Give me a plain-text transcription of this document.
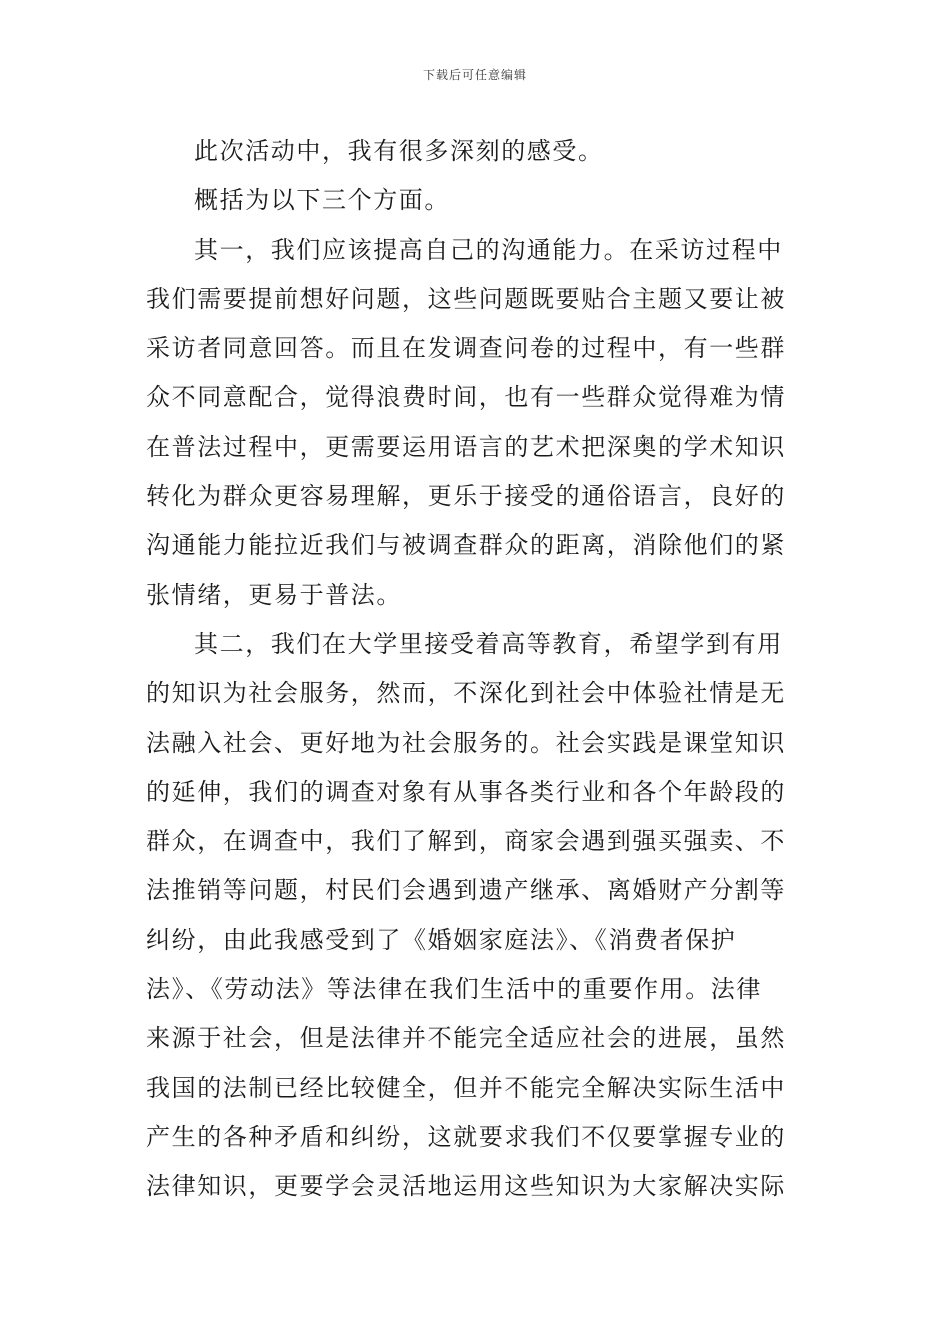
下载后可任意编辑
此次活动中，我有很多深刻的感受。
概括为以下三个方面。
其一，我们应该提高自己的沟通能力。在采访过程中
我们需要提前想好问题，这些问题既要贴合主题又要让被
采访者同意回答。而且在发调查问卷的过程中，有一些群
众不同意配合，觉得浪费时间，也有一些群众觉得难为情
在普法过程中，更需要运用语言的艺术把深奥的学术知识
转化为群众更容易理解，更乐于接受的通俗语言，良好的
沟通能力能拉近我们与被调查群众的距离，消除他们的紧
张情绪，更易于普法。
其二，我们在大学里接受着高等教育，希望学到有用
的知识为社会服务，然而，不深化到社会中体验社情是无
法融入社会、更好地为社会服务的。社会实践是课堂知识
的延伸，我们的调查对象有从事各类行业和各个年龄段的
群众，在调查中，我们了解到，商家会遇到强买强卖、不
法推销等问题，村民们会遇到遗产继承、离婚财产分割等
纠纷，由此我感受到了《婚姻家庭法》、《消费者保护
法》、《劳动法》等法律在我们生活中的重要作用。法律
来源于社会，但是法律并不能完全适应社会的进展，虽然
我国的法制已经比较健全，但并不能完全解决实际生活中
产生的各种矛盾和纠纷，这就要求我们不仅要掌握专业的
法律知识，更要学会灵活地运用这些知识为大家解决实际
